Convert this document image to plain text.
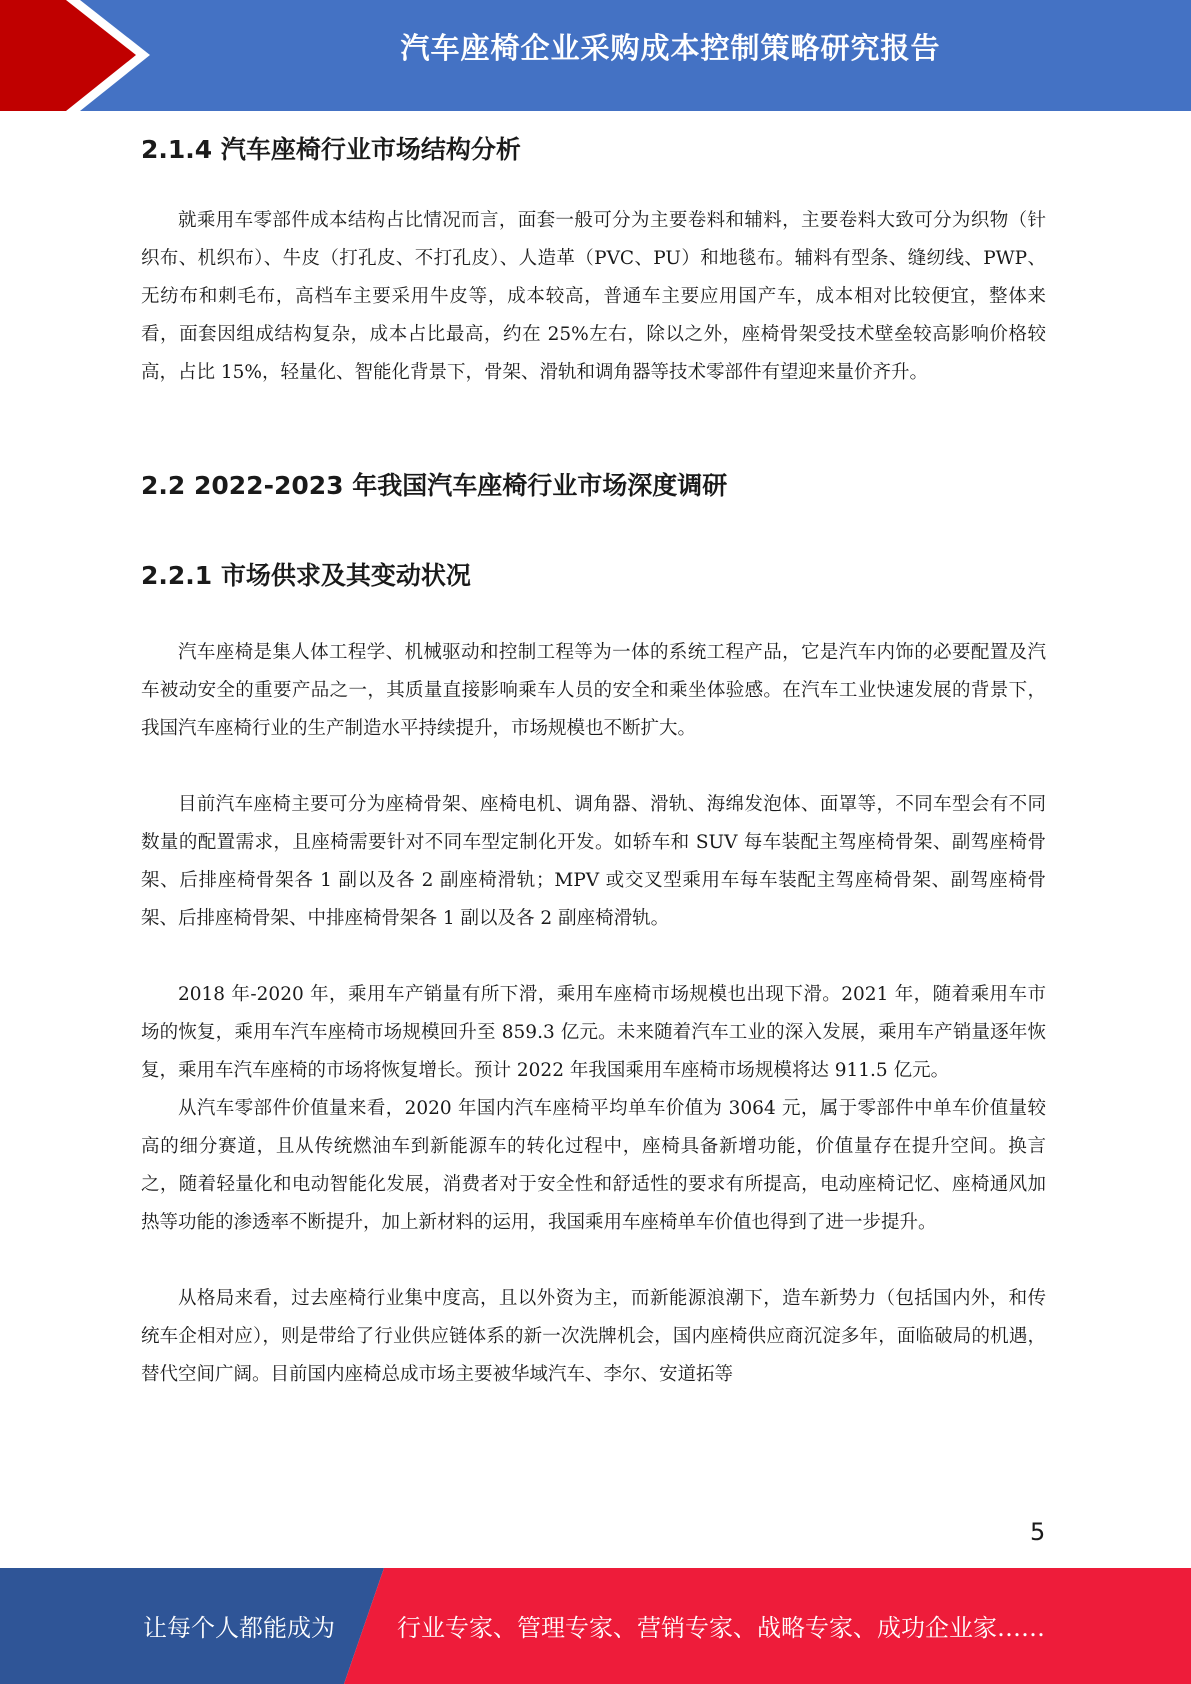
汽车座椅企业采购成本控制策略研究报告
2.1.4 汽车座椅行业市场结构分析

就乘用车零部件成本结构占比情况而言，面套一般可分为主要卷料和辅料，主要卷料大致可分为织物（针织布、机织布）、牛皮（打孔皮、不打孔皮）、人造革（PVC、PU）和地毯布。辅料有型条、缝纫线、PWP、无纺布和刺毛布，高档车主要采用牛皮等，成本较高，普通车主要应用国产车，成本相对比较便宜，整体来看，面套因组成结构复杂，成本占比最高，约在 25%左右，除以之外，座椅骨架受技术壁垒较高影响价格较高，占比 15%，轻量化、智能化背景下，骨架、滑轨和调角器等技术零部件有望迎来量价齐升。

2.2 2022-2023 年我国汽车座椅行业市场深度调研
2.2.1 市场供求及其变动状况

汽车座椅是集人体工程学、机械驱动和控制工程等为一体的系统工程产品，它是汽车内饰的必要配置及汽车被动安全的重要产品之一，其质量直接影响乘车人员的安全和乘坐体验感。在汽车工业快速发展的背景下，我国汽车座椅行业的生产制造水平持续提升，市场规模也不断扩大。

目前汽车座椅主要可分为座椅骨架、座椅电机、调角器、滑轨、海绵发泡体、面罩等，不同车型会有不同数量的配置需求，且座椅需要针对不同车型定制化开发。如轿车和 SUV 每车装配主驾座椅骨架、副驾座椅骨架、后排座椅骨架各 1 副以及各 2 副座椅滑轨；MPV 或交叉型乘用车每车装配主驾座椅骨架、副驾座椅骨架、后排座椅骨架、中排座椅骨架各 1 副以及各 2 副座椅滑轨。

2018 年-2020 年，乘用车产销量有所下滑，乘用车座椅市场规模也出现下滑。2021 年，随着乘用车市场的恢复，乘用车汽车座椅市场规模回升至 859.3 亿元。未来随着汽车工业的深入发展，乘用车产销量逐年恢复，乘用车汽车座椅的市场将恢复增长。预计 2022 年我国乘用车座椅市场规模将达 911.5 亿元。

从汽车零部件价值量来看，2020 年国内汽车座椅平均单车价值为 3064 元，属于零部件中单车价值量较高的细分赛道，且从传统燃油车到新能源车的转化过程中，座椅具备新增功能，价值量存在提升空间。换言之，随着轻量化和电动智能化发展，消费者对于安全性和舒适性的要求有所提高，电动座椅记忆、座椅通风加热等功能的渗透率不断提升，加上新材料的运用，我国乘用车座椅单车价值也得到了进一步提升。

从格局来看，过去座椅行业集中度高，且以外资为主，而新能源浪潮下，造车新势力（包括国内外，和传统车企相对应），则是带给了行业供应链体系的新一次洗牌机会，国内座椅供应商沉淀多年，面临破局的机遇，替代空间广阔。目前国内座椅总成市场主要被华域汽车、李尔、安道拓等

5
让每个人都能成为	行业专家、管理专家、营销专家、战略专家、成功企业家……
